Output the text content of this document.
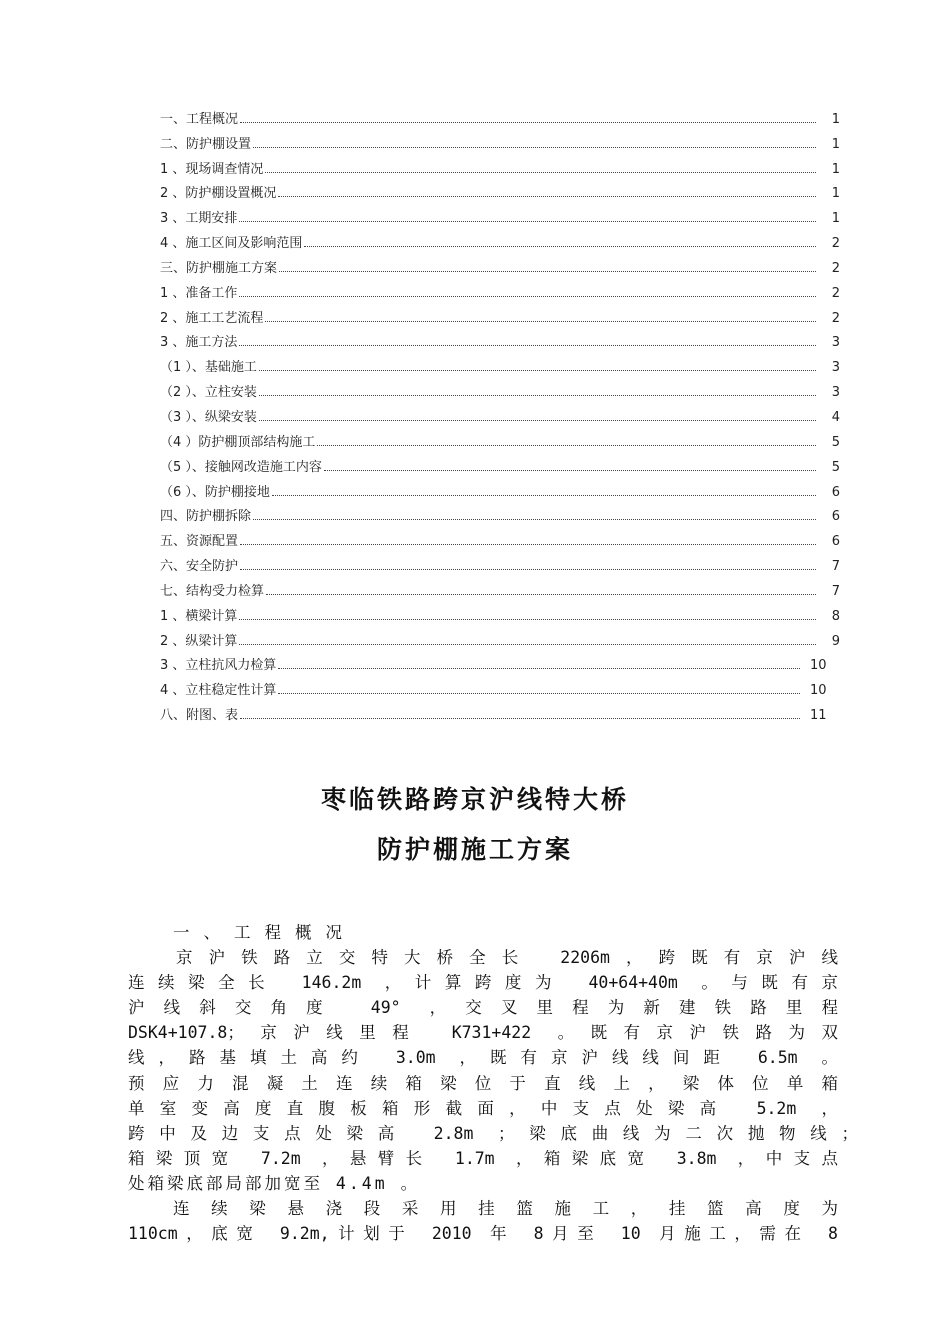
一、工程概况	1
二、防护棚设置	1
1 、现场调查情况	1
2 、防护棚设置概况	1
3 、工期安排	1
4 、施工区间及影响范围	2
三、防护棚施工方案	2
1 、准备工作	2
2 、施工工艺流程	2
3 、施工方法	3
（1 ）、基础施工	3
（2 ）、立柱安装	3
（3 ）、纵梁安装	4
（4 ）防护棚顶部结构施工	5
（5 ）、接触网改造施工内容	5
（6 ）、防护棚接地	6
四、防护棚拆除	6
五、资源配置	6
六、安全防护	7
七、结构受力检算	7
1 、横梁计算	8
2 、纵梁计算	9
3 、立柱抗风力检算	10
4 、立柱稳定性计算	10
八、附图、表	11
枣临铁路跨京沪线特大桥
防护棚施工方案
一、工程概况
京沪铁路立交特大桥全长 2206m，跨既有京沪线
连续梁全长 146.2m ，计算跨度为 40+64+40m 。与既有京
沪线斜交角度 49° ，交叉里程为新建铁路里程
DSK4+107.8；京沪线里程 K731+422 。既有京沪铁路为双
线，路基填土高约 3.0m ，既有京沪线线间距 6.5m 。
预应力混凝土连续箱梁位于直线上，梁体位单箱
单室变高度直腹板箱形截面，中支点处梁高 5.2m ，
跨中及边支点处梁高 2.8m ；梁底曲线为二次抛物线；
箱梁顶宽 7.2m ，悬臂长 1.7m ，箱梁底宽 3.8m ，中支点
处箱梁底部局部加宽至 4.4m 。
连续梁悬浇段采用挂篮施工，挂篮高度为
110cm，底宽 9.2m,计划于 2010 年 8月至 10 月施工，需在 8
